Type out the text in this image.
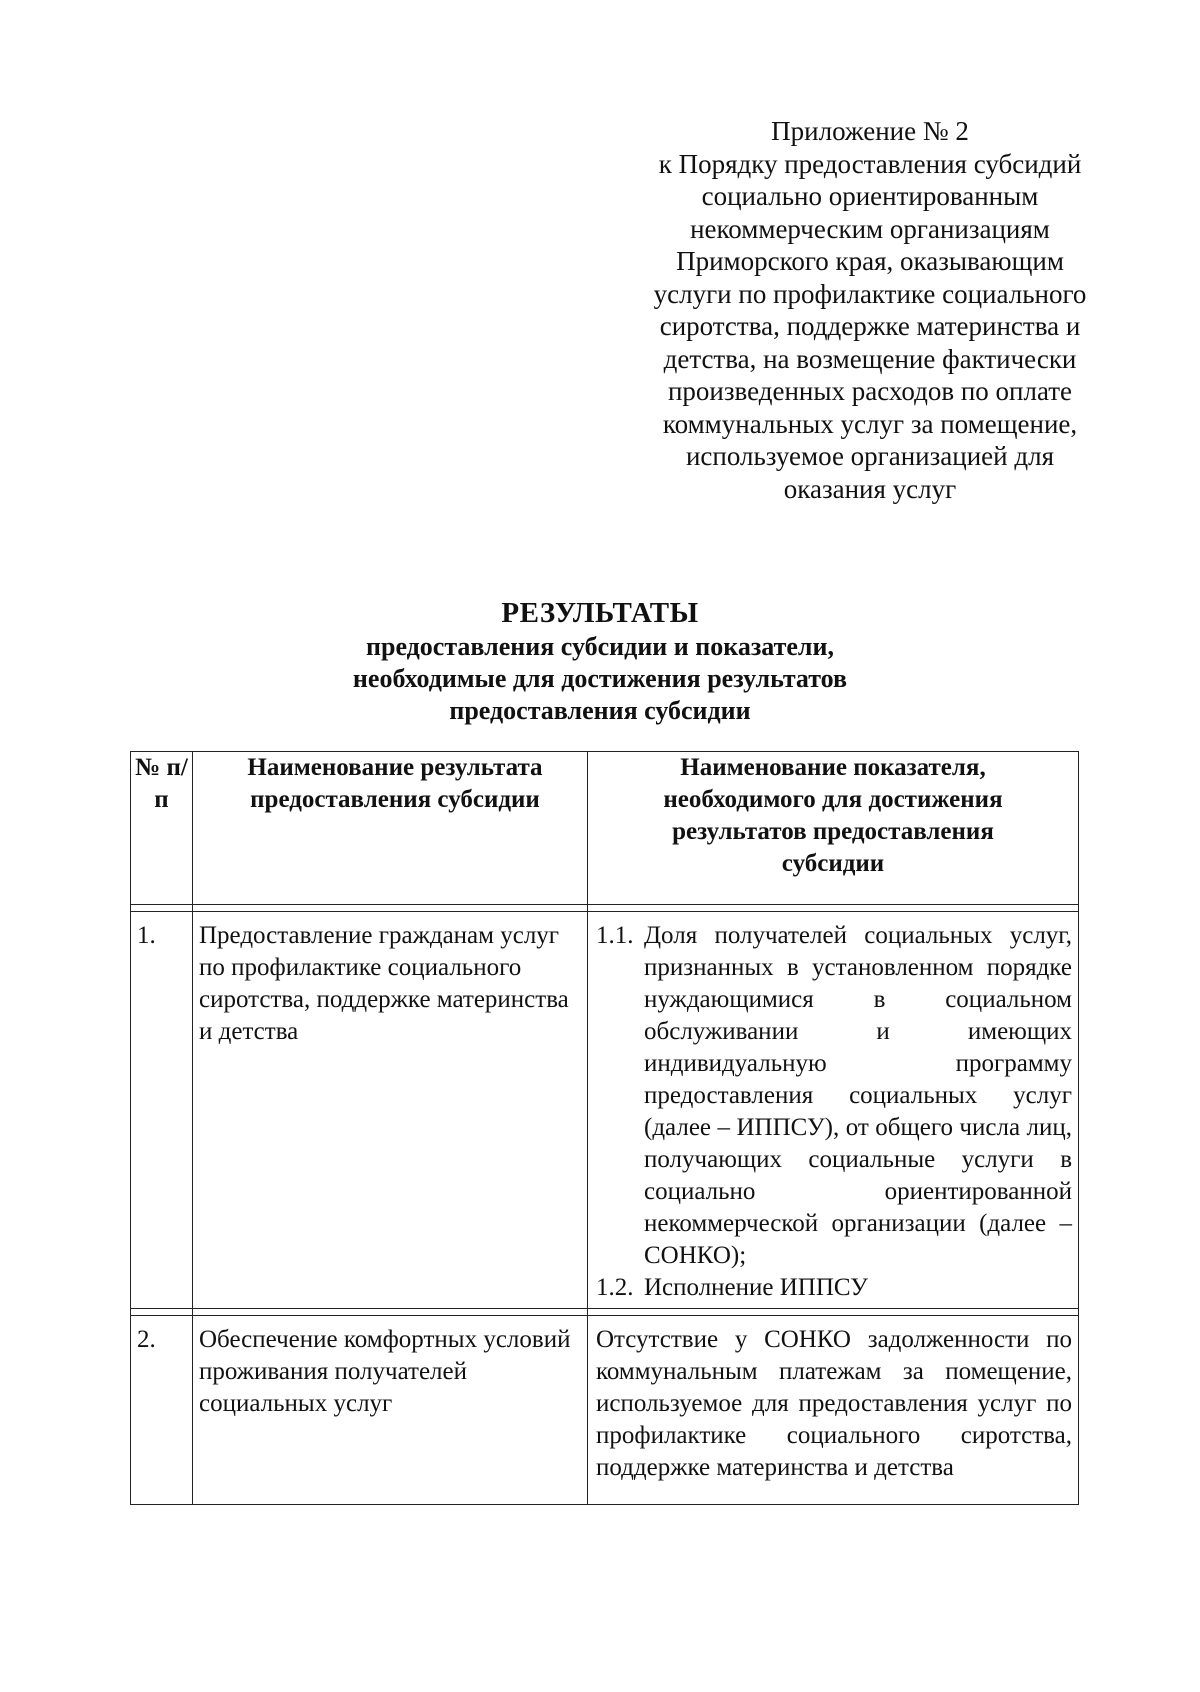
Приложение № 2
к Порядку предоставления субсидий
социально ориентированным
некоммерческим организациям
Приморского края, оказывающим
услуги по профилактике социального
сиротства, поддержке материнства и
детства, на возмещение фактически
произведенных расходов по оплате
коммунальных услуг за помещение,
используемое организацией для
оказания услуг
РЕЗУЛЬТАТЫ
предоставления субсидии и показатели,
необходимые для достижения результатов
предоставления субсидии
№ п/п	Наименование результата предоставления субсидии	Наименование показателя, необходимого для достижения результатов предоставления субсидии

1.	Предоставление гражданам услуг по профилактике социального сиротства, поддержке материнства и детства	1.1. Доля получателей социальных услуг, признанных в установленном порядке нуждающимися в социальном обслуживании и имеющих индивидуальную программу предоставления социальных услуг (далее – ИППСУ), от общего числа лиц, получающих социальные услуги в социально ориентированной некоммерческой организации (далее – СОНКО);
1.2. Исполнение ИППСУ

2.	Обеспечение комфортных условий проживания получателей социальных услуг	Отсутствие у СОНКО задолженности по коммунальным платежам за помещение, используемое для предоставления услуг по профилактике социального сиротства, поддержке материнства и детства
